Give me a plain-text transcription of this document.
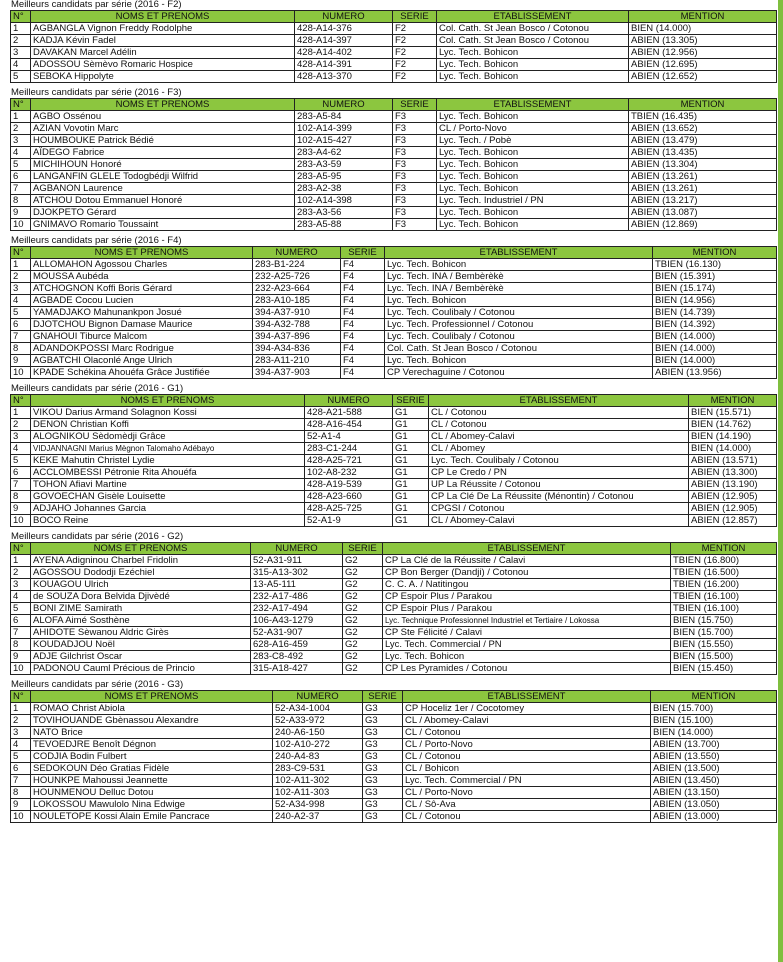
Meilleurs candidats par série (2016 - F2)
N°	NOMS ET PRENOMS	NUMERO	SERIE	ETABLISSEMENT	MENTION
1	AGBANGLA Vignon Freddy Rodolphe	428-A14-376	F2	Col. Cath. St Jean Bosco / Cotonou	BIEN (14.000)
2	KADJA Kévin Fadel	428-A14-397	F2	Col. Cath. St Jean Bosco / Cotonou	ABIEN (13.305)
3	DAVAKAN Marcel Adélin	428-A14-402	F2	Lyc. Tech. Bohicon	ABIEN (12.956)
4	ADOSSOU Sèmèvo Romaric Hospice	428-A14-391	F2	Lyc. Tech. Bohicon	ABIEN (12.695)
5	SEBOKA Hippolyte	428-A13-370	F2	Lyc. Tech. Bohicon	ABIEN (12.652)
Meilleurs candidats par série (2016 - F3)
N°	NOMS ET PRENOMS	NUMERO	SERIE	ETABLISSEMENT	MENTION
1	AGBO Ossénou	283-A5-84	F3	Lyc. Tech. Bohicon	TBIEN (16.435)
2	AZIAN Vovotin Marc	102-A14-399	F3	CL / Porto-Novo	ABIEN (13.652)
3	HOUMBOUKE Patrick Bédié	102-A15-427	F3	Lyc. Tech. / Pobè	ABIEN (13.479)
4	AÏDEGO Fabrice	283-A4-62	F3	Lyc. Tech. Bohicon	ABIEN (13.435)
5	MICHIHOUN Honoré	283-A3-59	F3	Lyc. Tech. Bohicon	ABIEN (13.304)
6	LANGANFIN GLELE Todogbédji Wilfrid	283-A5-95	F3	Lyc. Tech. Bohicon	ABIEN (13.261)
7	AGBANON Laurence	283-A2-38	F3	Lyc. Tech. Bohicon	ABIEN (13.261)
8	ATCHOU Dotou Emmanuel Honoré	102-A14-398	F3	Lyc. Tech. Industriel / PN	ABIEN (13.217)
9	DJOKPETO Gérard	283-A3-56	F3	Lyc. Tech. Bohicon	ABIEN (13.087)
10	GNIMAVO Romario Toussaint	283-A5-88	F3	Lyc. Tech. Bohicon	ABIEN (12.869)
Meilleurs candidats par série (2016 - F4)
N°	NOMS ET PRENOMS	NUMERO	SERIE	ETABLISSEMENT	MENTION
1	ALLOMAHON Agossou Charles	283-B1-224	F4	Lyc. Tech. Bohicon	TBIEN (16.130)
2	MOUSSA Aubéda	232-A25-726	F4	Lyc. Tech. INA / Bembèrèkè	BIEN (15.391)
3	ATCHOGNON Koffi Boris Gérard	232-A23-664	F4	Lyc. Tech. INA / Bembèrèkè	BIEN (15.174)
4	AGBADE Cocou Lucien	283-A10-185	F4	Lyc. Tech. Bohicon	BIEN (14.956)
5	YAMADJAKO Mahunankpon Josué	394-A37-910	F4	Lyc. Tech. Coulibaly / Cotonou	BIEN (14.739)
6	DJOTCHOU Bignon Damase Maurice	394-A32-788	F4	Lyc. Tech. Professionnel / Cotonou	BIEN (14.392)
7	GNAHOUI Tiburce Malcom	394-A37-896	F4	Lyc. Tech. Coulibaly / Cotonou	BIEN (14.000)
8	ADANDOKPOSSI Marc Rodrigue	394-A34-836	F4	Col. Cath. St Jean Bosco / Cotonou	BIEN (14.000)
9	AGBATCHI Olaconlé Ange Ulrich	283-A11-210	F4	Lyc. Tech. Bohicon	BIEN (14.000)
10	KPADE Schékina Ahouéfa Grâce Justifiée	394-A37-903	F4	CP Verechaguine / Cotonou	ABIEN (13.956)
Meilleurs candidats par série (2016 - G1)
N°	NOMS ET PRENOMS	NUMERO	SERIE	ETABLISSEMENT	MENTION
1	VIKOU Darius Armand Solagnon Kossi	428-A21-588	G1	CL / Cotonou	BIEN (15.571)
2	DENON Christian Koffi	428-A16-454	G1	CL / Cotonou	BIEN (14.762)
3	ALOGNIKOU Sèdomèdji Grâce	52-A1-4	G1	CL / Abomey-Calavi	BIEN (14.190)
4	VIDJANNAGNI Marius Mègnon Talomaho Adébayo	283-C1-244	G1	CL / Abomey	BIEN (14.000)
5	KEKE Mahutin Christel Lydie	428-A25-721	G1	Lyc. Tech. Coulibaly / Cotonou	ABIEN (13.571)
6	ACCLOMBESSI Pétronie Rita Ahouéfa	102-A8-232	G1	CP Le Credo / PN	ABIEN (13.300)
7	TOHON Afiavi Martine	428-A19-539	G1	UP La Réussite / Cotonou	ABIEN (13.190)
8	GOVOECHAN Gisèle Louisette	428-A23-660	G1	CP La Clé De La Réussite (Ménontin) / Cotonou	ABIEN (12.905)
9	ADJAHO Johannes Garcia	428-A25-725	G1	CPGSI / Cotonou	ABIEN (12.905)
10	BOCO Reine	52-A1-9	G1	CL / Abomey-Calavi	ABIEN (12.857)
Meilleurs candidats par série (2016 - G2)
N°	NOMS ET PRENOMS	NUMERO	SERIE	ETABLISSEMENT	MENTION
1	AYENA Adigninou Charbel Fridolin	52-A31-911	G2	CP La Clé de la Réussite / Calavi	TBIEN (16.800)
2	AGOSSOU Dododji Ezéchiel	315-A13-302	G2	CP Bon Berger (Dandji) / Cotonou	TBIEN (16.500)
3	KOUAGOU Ulrich	13-A5-111	G2	C. C. A. / Natitingou	TBIEN (16.200)
4	de SOUZA Dora Belvida Djivèdé	232-A17-486	G2	CP Espoir Plus / Parakou	TBIEN (16.100)
5	BONI ZIME Samirath	232-A17-494	G2	CP Espoir Plus / Parakou	TBIEN (16.100)
6	ALOFA Aimé Sosthène	106-A43-1279	G2	Lyc. Technique Professionnel Industriel et Tertiaire / Lokossa	BIEN (15.750)
7	AHIDOTE Sèwanou Aldric Girès	52-A31-907	G2	CP Ste Félicité / Calavi	BIEN (15.700)
8	KOUDADJOU Noël	628-A16-459	G2	Lyc. Tech. Commercial / PN	BIEN (15.550)
9	ADJE Gilchrist Oscar	283-C8-492	G2	Lyc. Tech. Bohicon	BIEN (15.500)
10	PADONOU Cauml Précious de Princio	315-A18-427	G2	CP Les Pyramides / Cotonou	BIEN (15.450)
Meilleurs candidats par série (2016 - G3)
N°	NOMS ET PRENOMS	NUMERO	SERIE	ETABLISSEMENT	MENTION
1	ROMAO Christ Abiola	52-A34-1004	G3	CP Hoceliz 1er / Cocotomey	BIEN (15.700)
2	TOVIHOUANDE Gbènassou Alexandre	52-A33-972	G3	CL / Abomey-Calavi	BIEN (15.100)
3	NATO Brice	240-A6-150	G3	CL / Cotonou	BIEN (14.000)
4	TEVOEDJRE Benoît Dégnon	102-A10-272	G3	CL / Porto-Novo	ABIEN (13.700)
5	CODJIA Bodin Fulbert	240-A4-83	G3	CL / Cotonou	ABIEN (13.550)
6	SEDOKOUN Déo Gratias Fidèle	283-C9-531	G3	CL / Bohicon	ABIEN (13.500)
7	HOUNKPE Mahoussi Jeannette	102-A11-302	G3	Lyc. Tech. Commercial / PN	ABIEN (13.450)
8	HOUNMENOU Delluc Dotou	102-A11-303	G3	CL / Porto-Novo	ABIEN (13.150)
9	LOKOSSOU Mawulolo Nina Edwige	52-A34-998	G3	CL / Sô-Ava	ABIEN (13.050)
10	NOULETOPE Kossi Alain Emile Pancrace	240-A2-37	G3	CL / Cotonou	ABIEN (13.000)
